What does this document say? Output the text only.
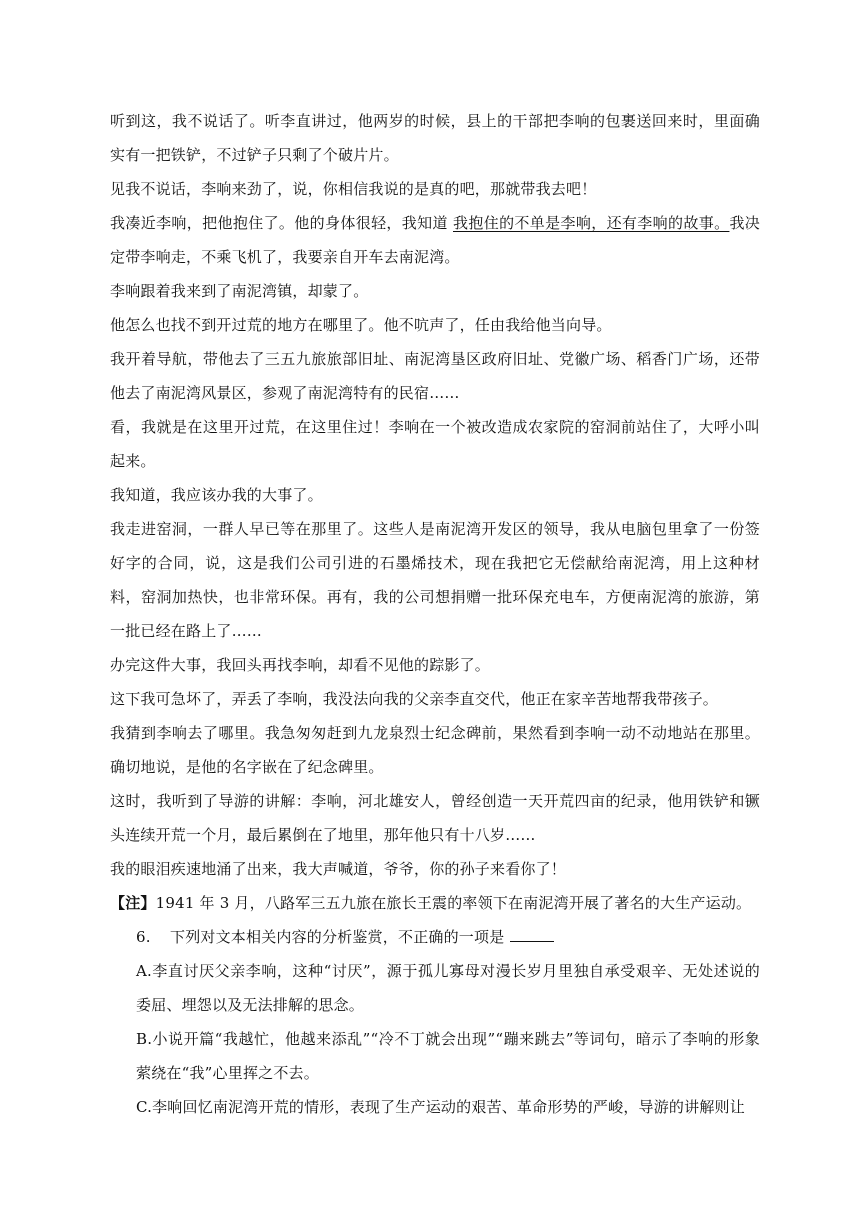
听到这，我不说话了。听李直讲过，他两岁的时候，县上的干部把李响的包裹送回来时，里面确实有一把铁铲，不过铲子只剩了个破片片。

见我不说话，李响来劲了，说，你相信我说的是真的吧，那就带我去吧！

我凑近李响，把他抱住了。他的身体很轻，我知道 我抱住的不单是李响，还有李响的故事。我决定带李响走，不乘飞机了，我要亲自开车去南泥湾。

李响跟着我来到了南泥湾镇，却蒙了。

他怎么也找不到开过荒的地方在哪里了。他不吭声了，任由我给他当向导。

我开着导航，带他去了三五九旅旅部旧址、南泥湾垦区政府旧址、党徽广场、稻香门广场，还带他去了南泥湾风景区，参观了南泥湾特有的民宿……

看，我就是在这里开过荒，在这里住过！李响在一个被改造成农家院的窑洞前站住了，大呼小叫起来。

我知道，我应该办我的大事了。

我走进窑洞，一群人早已等在那里了。这些人是南泥湾开发区的领导，我从电脑包里拿了一份签好字的合同，说，这是我们公司引进的石墨烯技术，现在我把它无偿献给南泥湾，用上这种材料，窑洞加热快，也非常环保。再有，我的公司想捐赠一批环保充电车，方便南泥湾的旅游，第一批已经在路上了……

办完这件大事，我回头再找李响，却看不见他的踪影了。

这下我可急坏了，弄丢了李响，我没法向我的父亲李直交代，他正在家辛苦地帮我带孩子。

我猜到李响去了哪里。我急匆匆赶到九龙泉烈士纪念碑前，果然看到李响一动不动地站在那里。确切地说，是他的名字嵌在了纪念碑里。

这时，我听到了导游的讲解：李响，河北雄安人，曾经创造一天开荒四亩的纪录，他用铁铲和镢头连续开荒一个月，最后累倒在了地里，那年他只有十八岁……

我的眼泪疾速地涌了出来，我大声喊道，爷爷，你的孙子来看你了！

【注】1941 年 3 月，八路军三五九旅在旅长王震的率领下在南泥湾开展了著名的大生产运动。

6. 下列对文本相关内容的分析鉴赏，不正确的一项是

A.李直讨厌父亲李响，这种“讨厌”，源于孤儿寡母对漫长岁月里独自承受艰辛、无处述说的委屈、埋怨以及无法排解的思念。

B.小说开篇“我越忙，他越来添乱”“冷不丁就会出现”“蹦来跳去”等词句，暗示了李响的形象萦绕在“我”心里挥之不去。

C.李响回忆南泥湾开荒的情形，表现了生产运动的艰苦、革命形势的严峻，导游的讲解则让
